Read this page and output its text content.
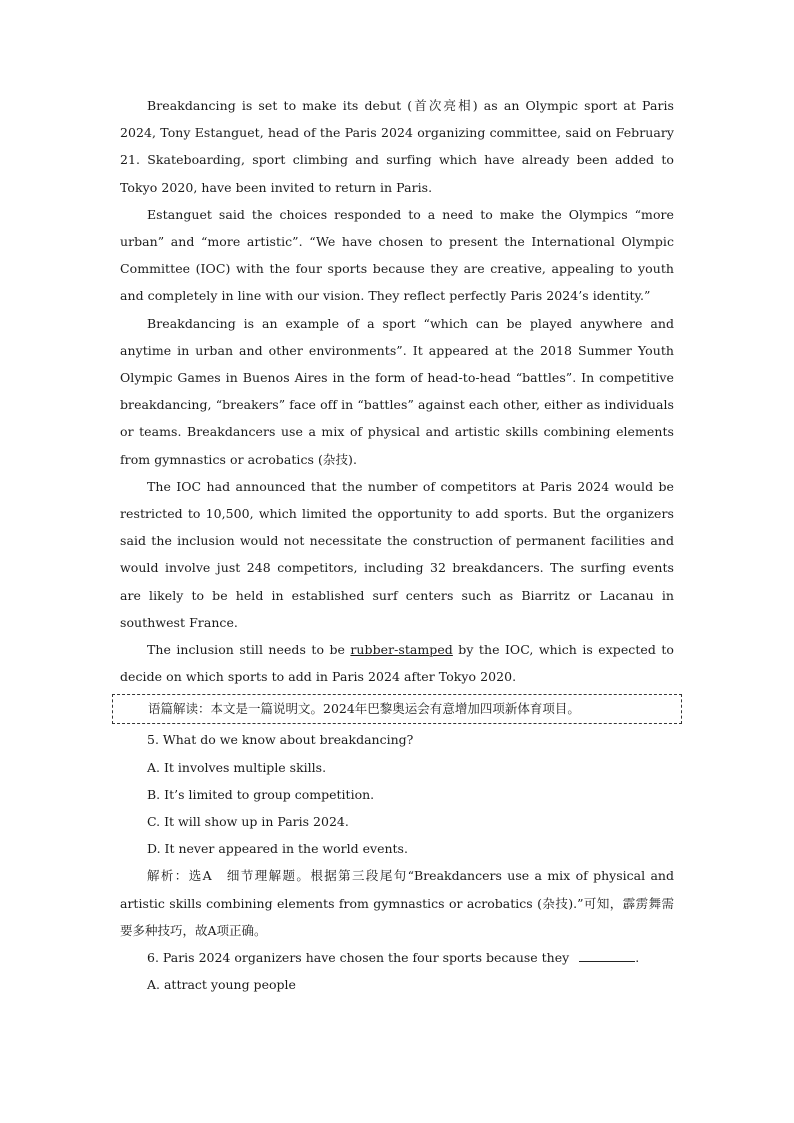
Breakdancing is set to make its debut (首次亮相) as an Olympic sport at Paris 2024, Tony Estanguet, head of the Paris 2024 organizing committee, said on February 21. Skateboarding, sport climbing and surfing which have already been added to Tokyo 2020, have been invited to return in Paris.

Estanguet said the choices responded to a need to make the Olympics “more urban” and “more artistic”. “We have chosen to present the International Olympic Committee (IOC) with the four sports because they are creative, appealing to youth and completely in line with our vision. They reflect perfectly Paris 2024’s identity.”

Breakdancing is an example of a sport “which can be played anywhere and anytime in urban and other environments”. It appeared at the 2018 Summer Youth Olympic Games in Buenos Aires in the form of head-to-head “battles”. In competitive breakdancing, “breakers” face off in “battles” against each other, either as individuals or teams. Breakdancers use a mix of physical and artistic skills combining elements from gymnastics or acrobatics (杂技).

The IOC had announced that the number of competitors at Paris 2024 would be restricted to 10,500, which limited the opportunity to add sports. But the organizers said the inclusion would not necessitate the construction of permanent facilities and would involve just 248 competitors, including 32 breakdancers. The surfing events are likely to be held in established surf centers such as Biarritz or Lacanau in southwest France.

The inclusion still needs to be rubber-stamped by the IOC, which is expected to decide on which sports to add in Paris 2024 after Tokyo 2020.

语篇解读：本文是一篇说明文。2024年巴黎奥运会有意增加四项新体育项目。

5. What do we know about breakdancing?

A. It involves multiple skills.

B. It’s limited to group competition.

C. It will show up in Paris 2024.

D. It never appeared in the world events.

解析：选A　细节理解题。根据第三段尾句“Breakdancers use a mix of physical and artistic skills combining elements from gymnastics or acrobatics (杂技).”可知，霹雳舞需要多种技巧，故A项正确。

6. Paris 2024 organizers have chosen the four sports because they	.

A. attract young people
